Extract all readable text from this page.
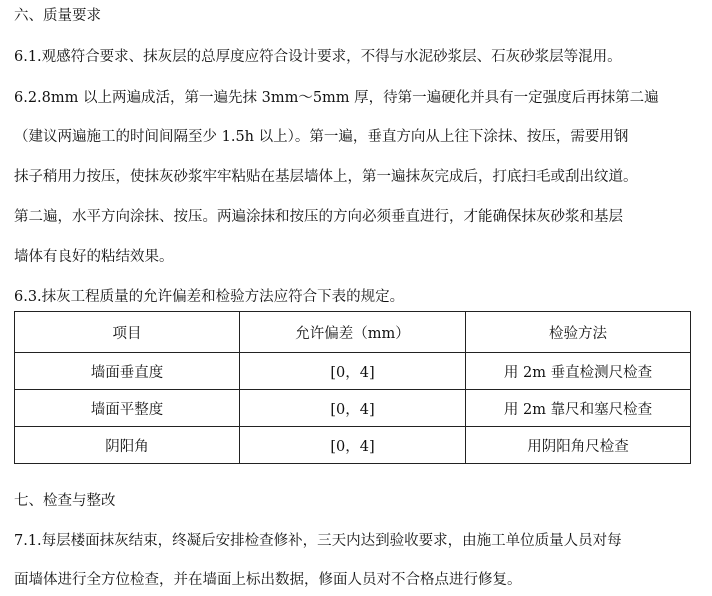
六、质量要求
6.1.观感符合要求、抹灰层的总厚度应符合设计要求，不得与水泥砂浆层、石灰砂浆层等混用。
6.2.8mm 以上两遍成活，第一遍先抹 3mm～5mm 厚，待第一遍硬化并具有一定强度后再抹第二遍
（建议两遍施工的时间间隔至少 1.5h 以上）。第一遍，垂直方向从上往下涂抹、按压，需要用钢
抹子稍用力按压，使抹灰砂浆牢牢粘贴在基层墙体上，第一遍抹灰完成后，打底扫毛或刮出纹道。
第二遍，水平方向涂抹、按压。两遍涂抹和按压的方向必须垂直进行，才能确保抹灰砂浆和基层
墙体有良好的粘结效果。
6.3.抹灰工程质量的允许偏差和检验方法应符合下表的规定。
项目	允许偏差（mm）	检验方法
墙面垂直度	[0，4]	用 2m 垂直检测尺检查
墙面平整度	[0，4]	用 2m 靠尺和塞尺检查
阴阳角	[0，4]	用阴阳角尺检查
七、检查与整改
7.1.每层楼面抹灰结束，终凝后安排检查修补，三天内达到验收要求，由施工单位质量人员对每
面墙体进行全方位检查，并在墙面上标出数据，修面人员对不合格点进行修复。
